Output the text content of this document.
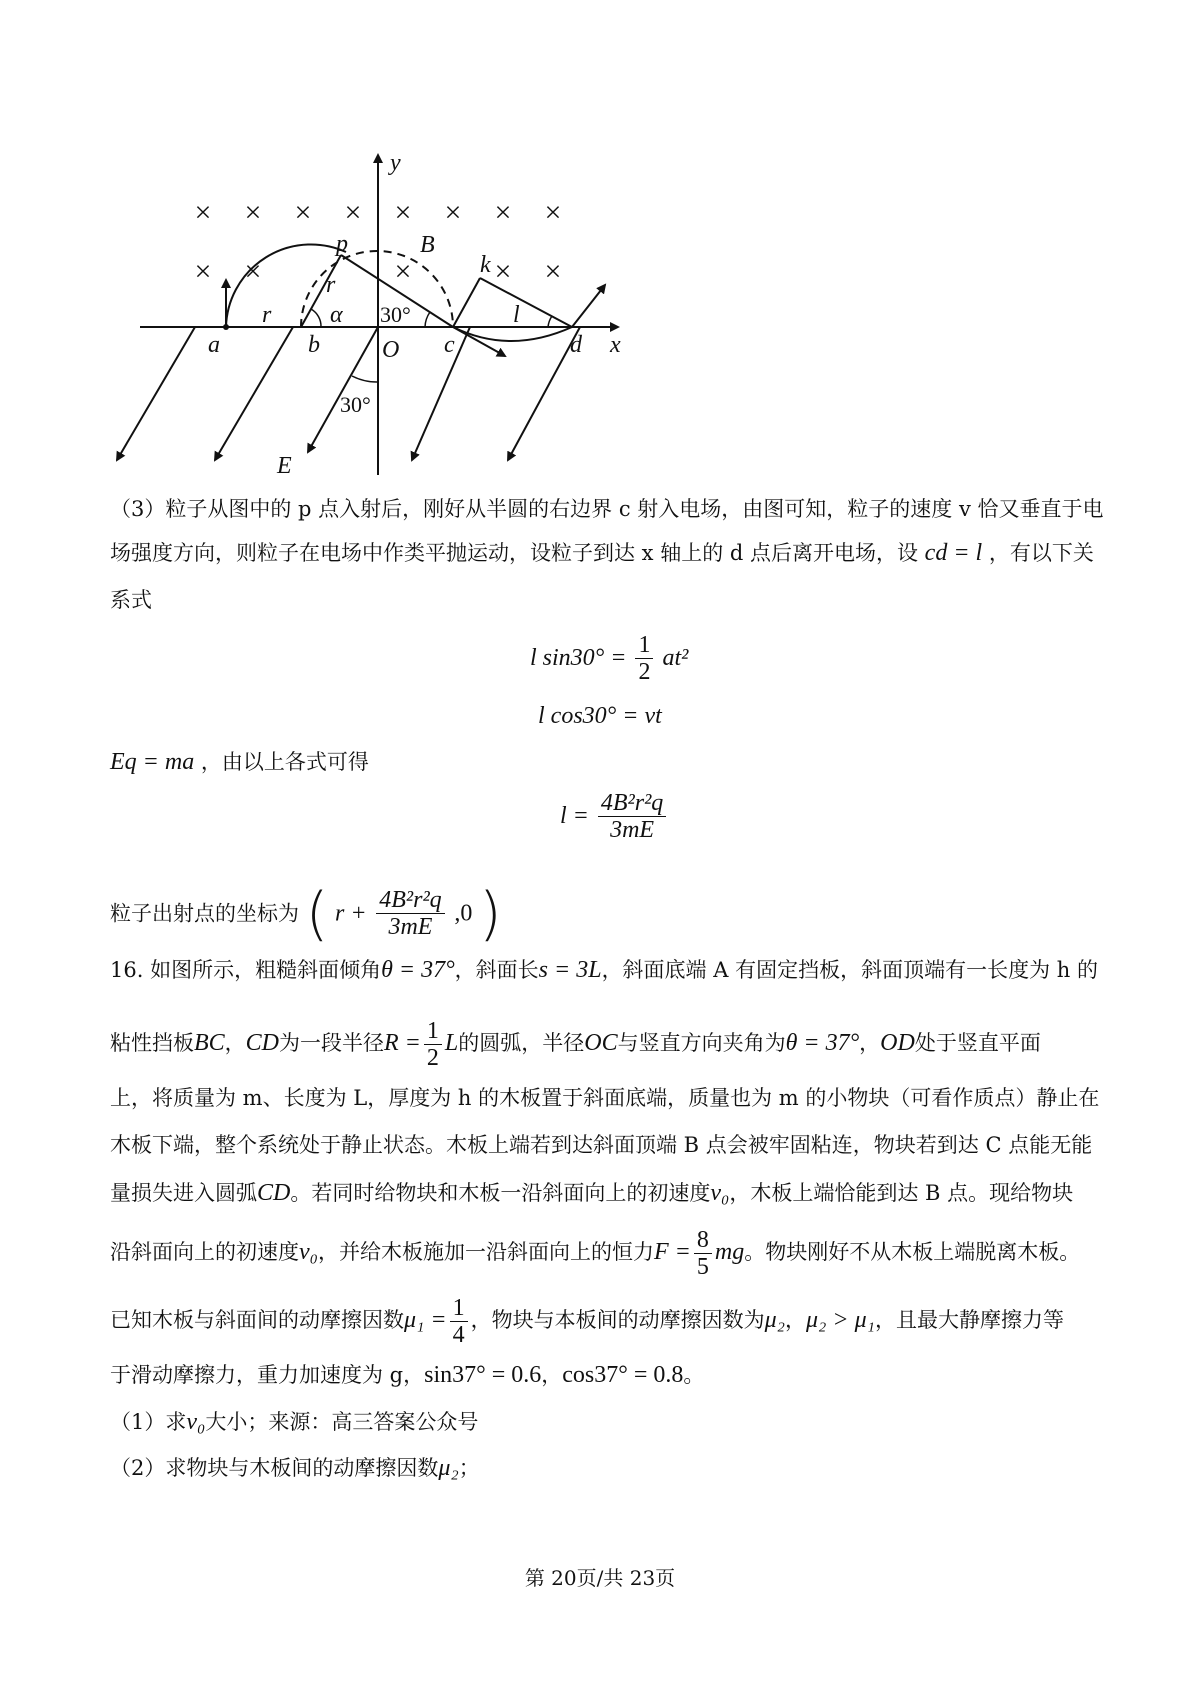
× × × × × × × ×
× ×	×	× ×
y
x
B
E
a	b	O c	d
p
k
r
r
α	l
30°
30°
（3）粒子从图中的 p 点入射后，刚好从半圆的右边界 c 射入电场，由图可知，粒子的速度 v 恰又垂直于电
场强度方向，则粒子在电场中作类平抛运动，设粒子到达 x 轴上的 d 点后离开电场，设 cd = l ，有以下关
系式
l $\sin 30^\circ = \frac{1}{2} at^2$
l cos30° = vt
Eq = ma ，由以上各式可得
$l = \frac{\text{4B²r²q}}{3mE}$
粒子出射点的坐标为 ( $r + \frac{\text{4B²r²q}}{3mE} ,0$ )
16. 如图所示，粗糙斜面倾角θ = 37°，斜面长s = 3L，斜面底端 A 有固定挡板，斜面顶端有一长度为 h 的
粘性挡板BC，CD为一段半径$R = \frac{1}{2}$ L的圆弧，半径OC与竖直方向夹角为θ = 37°，OD处于竖直平面
上，将质量为 m、长度为 L，厚度为 h 的木板置于斜面底端，质量也为 m 的小物块（可看作质点）静止在
木板下端，整个系统处于静止状态。木板上端若到达斜面顶端 B 点会被牢固粘连，物块若到达 C 点能无能
量损失进入圆弧CD。若同时给物块和木板一沿斜面向上的初速度v₀，木板上端恰能到达 B 点。现给物块
沿斜面向上的初速度v₀，并给木板施加一沿斜面向上的恒力$F = \frac{8}{5}$ mg。物块刚好不从木板上端脱离木板。
已知木板与斜面间的动摩擦因数$\mu_1 = \frac{1}{4}$ ，物块与本板间的动摩擦因数为μ₂，μ₂ > μ₁，且最大静摩擦力等
于滑动摩擦力，重力加速度为 g，sin37° = 0.6，cos37° = 0.8。
（1）求v₀大小；来源：高三答案公众号
（2）求物块与木板间的动摩擦因数μ₂；
第 20页/共 23页
